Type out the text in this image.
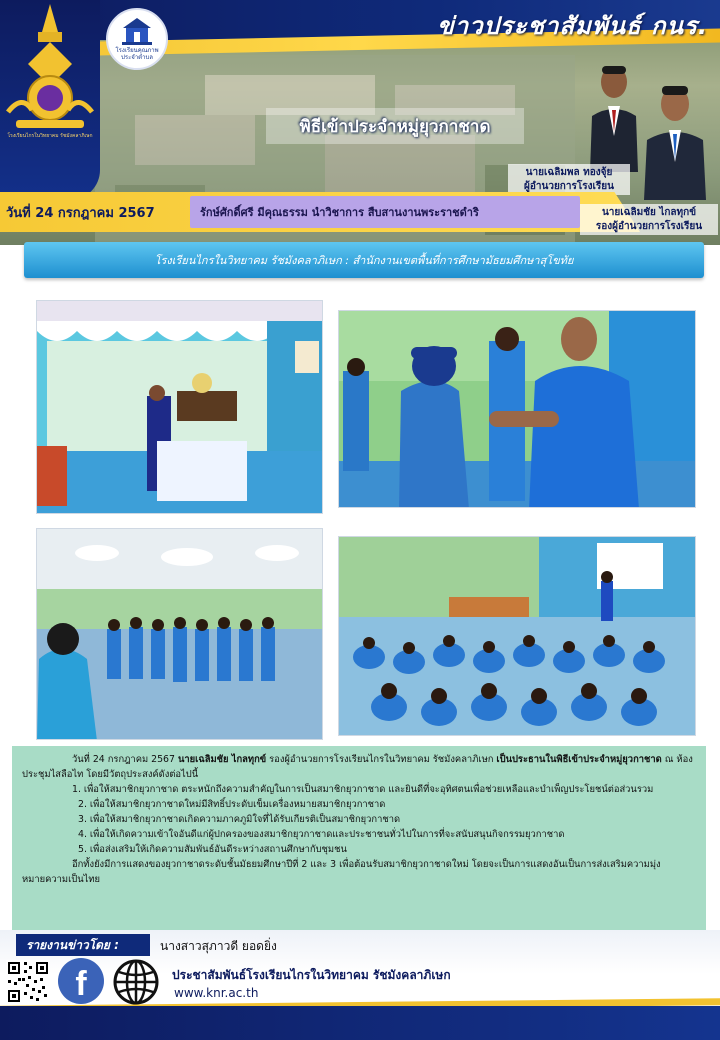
โรงเรียนไกรในวิทยาคม รัชมังคลาภิเษก
โรงเรียนคุณภาพ ประจำตำบล
ข่าวประชาสัมพันธ์ กนร.
พิธีเข้าประจำหมู่ยุวกาชาด
นายเฉลิมพล ทองจุ้ย
ผู้อำนวยการโรงเรียน
วันที่ 24 กรกฎาคม 2567	รักษ์ศักดิ์ศรี มีคุณธรรม นำวิชาการ สืบสานงานพระราชดำริ	นายเฉลิมชัย ไกลทุกข์
รองผู้อำนวยการโรงเรียน
โรงเรียนไกรในวิทยาคม รัชมังคลาภิเษก : สำนักงานเขตพื้นที่การศึกษามัธยมศึกษาสุโขทัย

วันที่ 24 กรกฎาคม 2567 นายเฉลิมชัย ไกลทุกข์ รองผู้อำนวยการโรงเรียนไกรในวิทยาคม รัชมังคลาภิเษก เป็นประธานในพิธีเข้าประจำหมู่ยุวกาชาด ณ ห้องประชุมไสลือไท โดยมีวัตถุประสงค์ดังต่อไปนี้

1. เพื่อให้สมาชิกยุวกาชาด ตระหนักถึงความสำคัญในการเป็นสมาชิกยุวกาชาด และยินดีที่จะอุทิศตนเพื่อช่วยเหลือและบำเพ็ญประโยชน์ต่อส่วนรวม

2. เพื่อให้สมาชิกยุวกาชาดใหม่มีสิทธิ์ประดับเข็มเครื่องหมายสมาชิกยุวกาชาด

3. เพื่อให้สมาชิกยุวกาชาดเกิดความภาคภูมิใจที่ได้รับเกียรติเป็นสมาชิกยุวกาชาด

4. เพื่อให้เกิดความเข้าใจอันดีแก่ผู้ปกครองของสมาชิกยุวกาชาดและประชาชนทั่วไปในการที่จะสนับสนุนกิจกรรมยุวกาชาด

5. เพื่อส่งเสริมให้เกิดความสัมพันธ์อันดีระหว่างสถานศึกษากับชุมชน

อีกทั้งยังมีการแสดงของยุวกาชาดระดับชั้นมัธยมศึกษาปีที่ 2 และ 3 เพื่อต้อนรับสมาชิกยุวกาชาดใหม่ โดยจะเป็นการแสดงอันเป็นการส่งเสริมความมุ่งหมายความเป็นไทย

รายงานข่าวโดย :	นางสาวสุภาวดี ยอดยิ่ง
f	ประชาสัมพันธ์โรงเรียนไกรในวิทยาคม รัชมังคลาภิเษก
www.knr.ac.th
